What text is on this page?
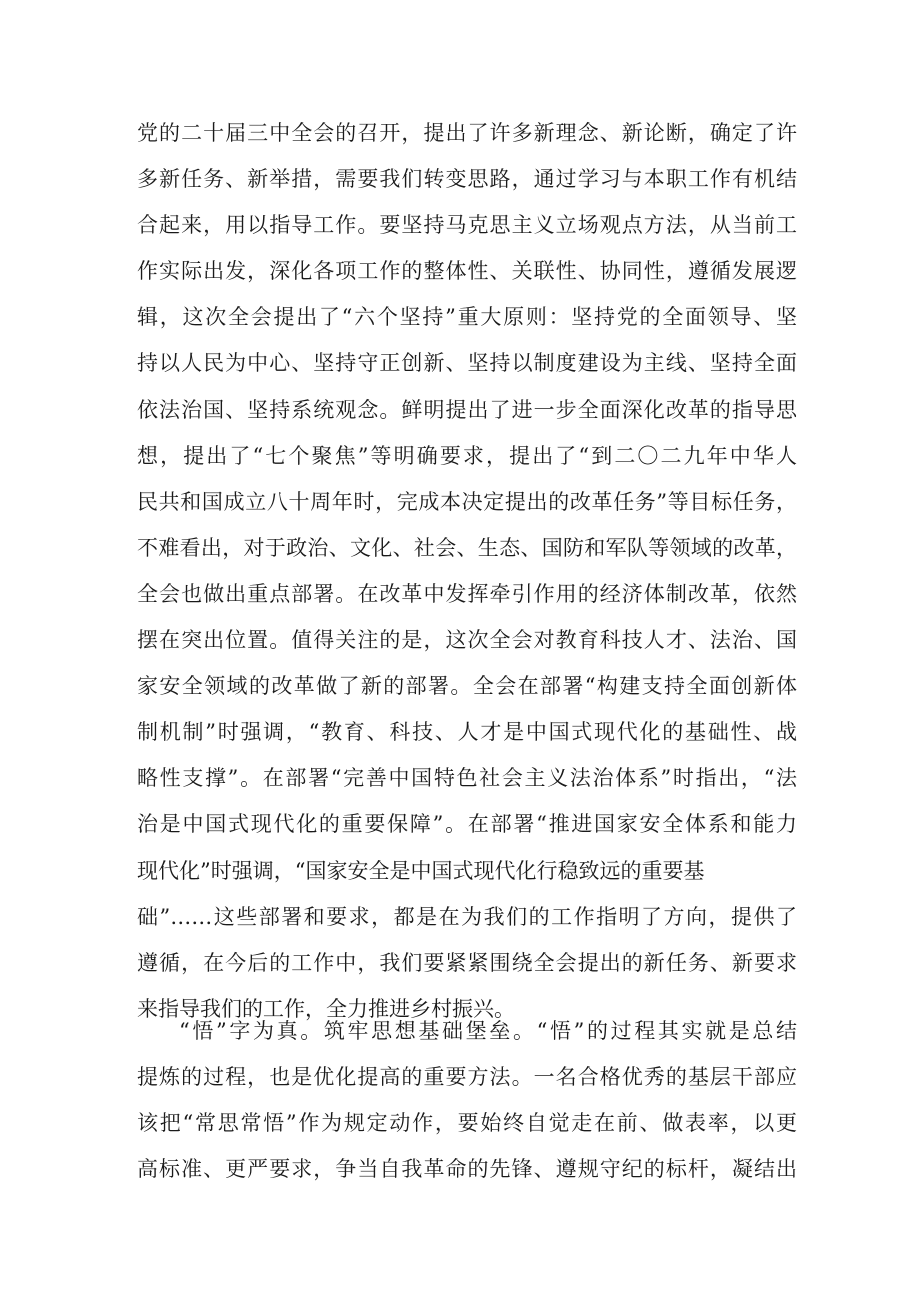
党的二十届三中全会的召开，提出了许多新理念、新论断，确定了许
多新任务、新举措，需要我们转变思路，通过学习与本职工作有机结
合起来，用以指导工作。要坚持马克思主义立场观点方法，从当前工
作实际出发，深化各项工作的整体性、关联性、协同性，遵循发展逻
辑，这次全会提出了“六个坚持”重大原则：坚持党的全面领导、坚
持以人民为中心、坚持守正创新、坚持以制度建设为主线、坚持全面
依法治国、坚持系统观念。鲜明提出了进一步全面深化改革的指导思
想，提出了“七个聚焦”等明确要求，提出了“到二〇二九年中华人
民共和国成立八十周年时，完成本决定提出的改革任务”等目标任务，
不难看出，对于政治、文化、社会、生态、国防和军队等领域的改革，
全会也做出重点部署。在改革中发挥牵引作用的经济体制改革，依然
摆在突出位置。值得关注的是，这次全会对教育科技人才、法治、国
家安全领域的改革做了新的部署。全会在部署“构建支持全面创新体
制机制”时强调，“教育、科技、人才是中国式现代化的基础性、战
略性支撑”。在部署“完善中国特色社会主义法治体系”时指出，“法
治是中国式现代化的重要保障”。在部署“推进国家安全体系和能力
现代化”时强调，“国家安全是中国式现代化行稳致远的重要基
础”……这些部署和要求，都是在为我们的工作指明了方向，提供了
遵循，在今后的工作中，我们要紧紧围绕全会提出的新任务、新要求
来指导我们的工作，全力推进乡村振兴。
“悟”字为真。筑牢思想基础堡垒。“悟”的过程其实就是总结
提炼的过程，也是优化提高的重要方法。一名合格优秀的基层干部应
该把“常思常悟”作为规定动作，要始终自觉走在前、做表率，以更
高标准、更严要求，争当自我革命的先锋、遵规守纪的标杆，凝结出
